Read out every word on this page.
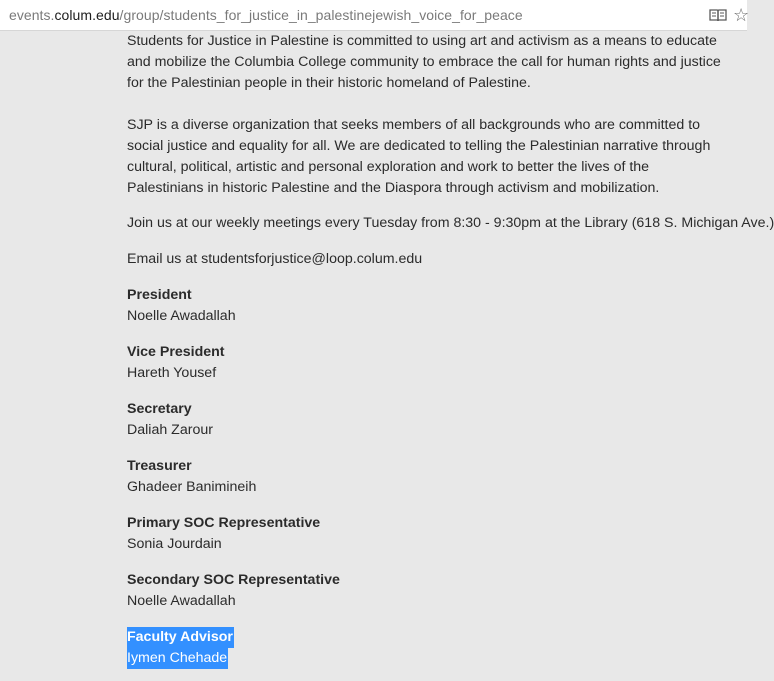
events.colum.edu/group/students_for_justice_in_palestinejewish_voice_for_peace	☆

Students for Justice in Palestine is committed to using art and activism as a means to educate and mobilize the Columbia College community to embrace the call for human rights and justice for the Palestinian people in their historic homeland of Palestine.

SJP is a diverse organization that seeks members of all backgrounds who are committed to social justice and equality for all. We are dedicated to telling the Palestinian narrative through cultural, political, artistic and personal exploration and work to better the lives of the Palestinians in historic Palestine and the Diaspora through activism and mobilization.

Join us at our weekly meetings every Tuesday from 8:30 - 9:30pm at the Library (618 S. Michigan Ave.)

Email us at studentsforjustice@loop.colum.edu

President
Noelle Awadallah
Vice President
Hareth Yousef
Secretary
Daliah Zarour
Treasurer
Ghadeer Banimineih
Primary SOC Representative
Sonia Jourdain
Secondary SOC Representative
Noelle Awadallah
Faculty Advisor
Iymen Chehade
